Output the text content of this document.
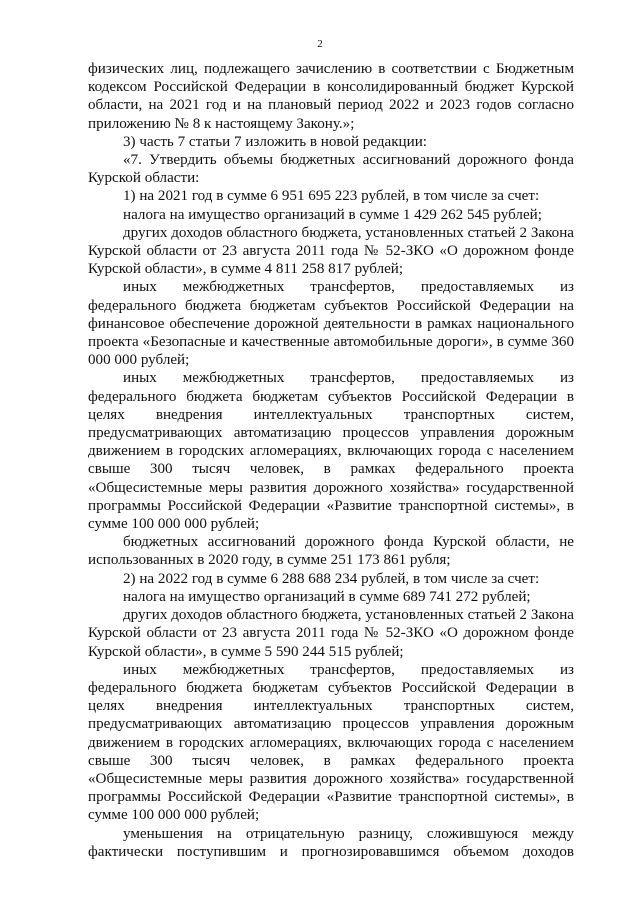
2

физических лиц, подлежащего зачислению в соответствии с Бюджетным кодексом Российской Федерации в консолидированный бюджет Курской области, на 2021 год и на плановый период 2022 и 2023 годов согласно приложению № 8 к настоящему Закону.»;

3) часть 7 статьи 7 изложить в новой редакции:

«7. Утвердить объемы бюджетных ассигнований дорожного фонда Курской области:

1) на 2021 год в сумме 6 951 695 223 рублей, в том числе за счет:

налога на имущество организаций в сумме 1 429 262 545 рублей;

других доходов областного бюджета, установленных статьей 2 Закона Курской области от 23 августа 2011 года № 52-ЗКО «О дорожном фонде Курской области», в сумме 4 811 258 817 рублей;

иных межбюджетных трансфертов, предоставляемых из федерального бюджета бюджетам субъектов Российской Федерации на финансовое обеспечение дорожной деятельности в рамках национального проекта «Безопасные и качественные автомобильные дороги», в сумме 360 000 000 рублей;

иных межбюджетных трансфертов, предоставляемых из федерального бюджета бюджетам субъектов Российской Федерации в целях внедрения интеллектуальных транспортных систем, предусматривающих автоматизацию процессов управления дорожным движением в городских агломерациях, включающих города с населением свыше 300 тысяч человек, в рамках федерального проекта «Общесистемные меры развития дорожного хозяйства» государственной программы Российской Федерации «Развитие транспортной системы», в сумме 100 000 000 рублей;

бюджетных ассигнований дорожного фонда Курской области, не использованных в 2020 году, в сумме 251 173 861 рубля;

2) на 2022 год в сумме 6 288 688 234 рублей, в том числе за счет:

налога на имущество организаций в сумме 689 741 272 рублей;

других доходов областного бюджета, установленных статьей 2 Закона Курской области от 23 августа 2011 года № 52-ЗКО «О дорожном фонде Курской области», в сумме 5 590 244 515 рублей;

иных межбюджетных трансфертов, предоставляемых из федерального бюджета бюджетам субъектов Российской Федерации в целях внедрения интеллектуальных транспортных систем, предусматривающих автоматизацию процессов управления дорожным движением в городских агломерациях, включающих города с населением свыше 300 тысяч человек, в рамках федерального проекта «Общесистемные меры развития дорожного хозяйства» государственной программы Российской Федерации «Развитие транспортной системы», в сумме 100 000 000 рублей;

уменьшения на отрицательную разницу, сложившуюся между фактически поступившим и прогнозировавшимся объемом доходов
